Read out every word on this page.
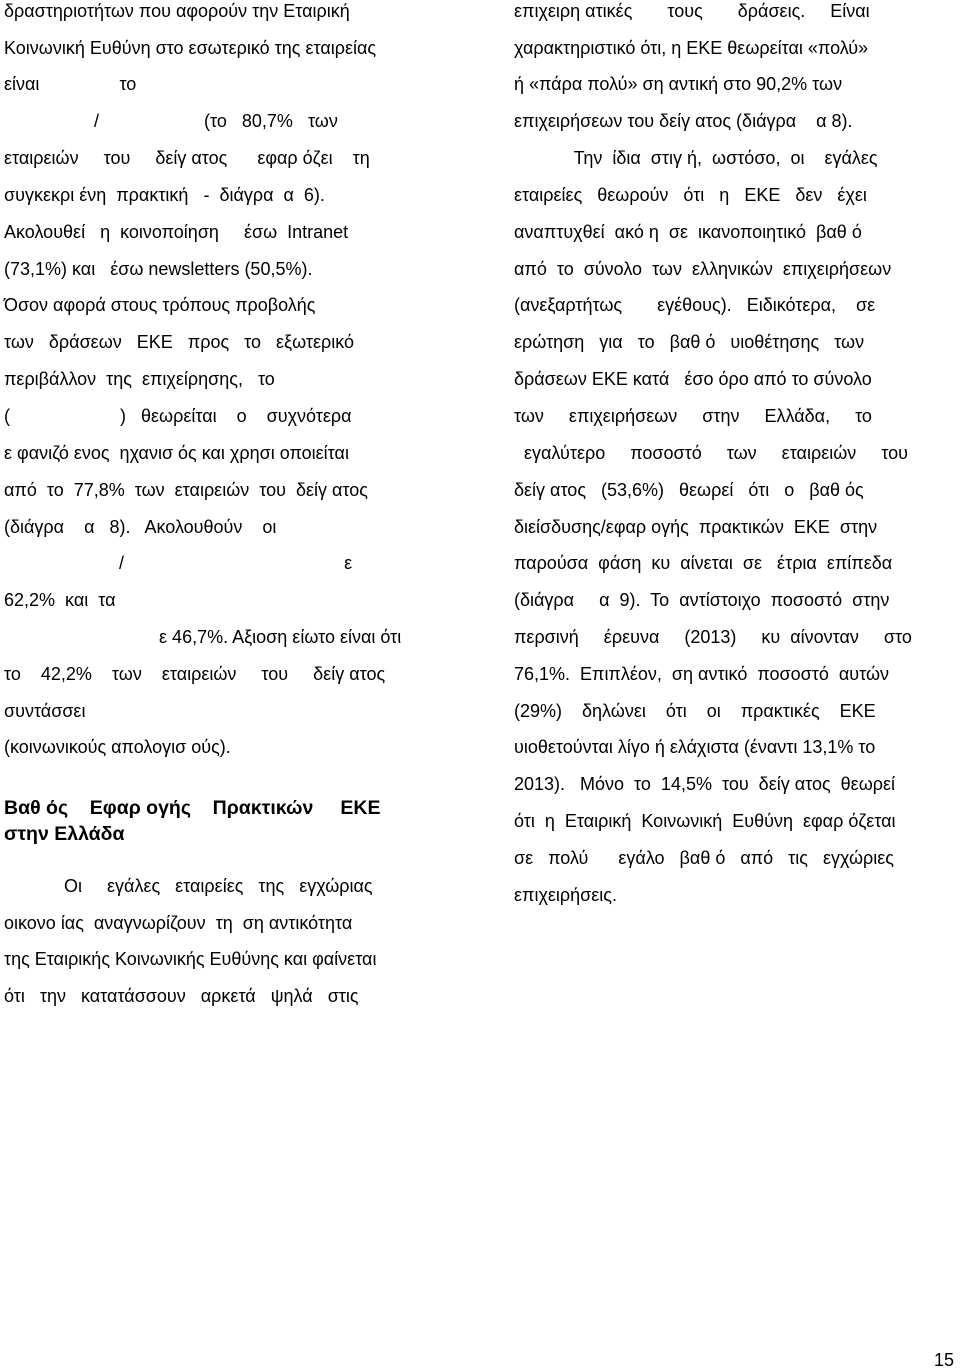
δραστηριοτήτων που αφορούν την Εταιρική
Κοινωνική Ευθύνη στο εσωτερικό της εταιρείας
είναι                το
/                     (το   80,7%   των
εταιρειών     του     δείγ ατος      εφαρ όζει    τη
συγκεκρι ένη  πρακτική   -  διάγρα  α  6).
Ακολουθεί   η  κοινοποίηση     έσω  Intranet
(73,1%) και   έσω newsletters (50,5%).
Όσον αφορά στους τρόπους προβολής
των   δράσεων   ΕΚΕ   προς   το   εξωτερικό
περιβάλλον  της  επιχείρησης,   το
(                      )   θεωρείται    ο    συχνότερα
ε φανιζό ενος  ηχανισ ός και χρησι οποιείται
από  το  77,8%  των  εταιρειών  του  δείγ ατος
(διάγρα    α   8).   Ακολουθούν    οι
/                                            ε
62,2%  και  τα
ε 46,7%. Αξιοση είωτο είναι ότι
το    42,2%    των    εταιρειών     του     δείγ ατος
συντάσσει
(κοινωνικούς απολογισ ούς).
Βαθ ός    Εφαρ ογής    Πρακτικών     ΕΚΕ
στην Ελλάδα
Οι     εγάλες   εταιρείες   της   εγχώριας
οικονο ίας  αναγνωρίζουν  τη  ση αντικότητα
της Εταιρικής Κοινωνικής Ευθύνης και φαίνεται
ότι   την   κατατάσσουν   αρκετά   ψηλά   στις
επιχειρη ατικές       τους       δράσεις.     Είναι
χαρακτηριστικό ότι, η ΕΚΕ θεωρείται «πολύ»
ή «πάρα πολύ» ση αντική στο 90,2% των
επιχειρήσεων του δείγ ατος (διάγρα    α 8).
Την  ίδια  στιγ ή,  ωστόσο,  οι    εγάλες
εταιρείες   θεωρούν   ότι   η   ΕΚΕ   δεν   έχει
αναπτυχθεί  ακό η  σε  ικανοποιητικό  βαθ ό
από  το  σύνολο  των  ελληνικών  επιχειρήσεων
(ανεξαρτήτως       εγέθους).   Ειδικότερα,    σε
ερώτηση   για   το   βαθ ό   υιοθέτησης   των
δράσεων ΕΚΕ κατά   έσο όρο από το σύνολο
των     επιχειρήσεων     στην     Ελλάδα,     το
εγαλύτερο     ποσοστό     των     εταιρειών     του
δείγ ατος   (53,6%)   θεωρεί   ότι   ο   βαθ ός
διείσδυσης/εφαρ ογής  πρακτικών  ΕΚΕ  στην
παρούσα  φάση  κυ  αίνεται  σε   έτρια  επίπεδα
(διάγρα     α  9).  Το  αντίστοιχο  ποσοστό  στην
περσινή     έρευνα     (2013)     κυ  αίνονταν     στο
76,1%.  Επιπλέον,  ση αντικό  ποσοστό  αυτών
(29%)    δηλώνει    ότι    οι    πρακτικές    ΕΚΕ
υιοθετούνται λίγο ή ελάχιστα (έναντι 13,1% το
2013).   Μόνο  το  14,5%  του  δείγ ατος  θεωρεί
ότι  η  Εταιρική  Κοινωνική  Ευθύνη  εφαρ όζεται
σε   πολύ      εγάλο   βαθ ό   από   τις   εγχώριες
επιχειρήσεις.
15
